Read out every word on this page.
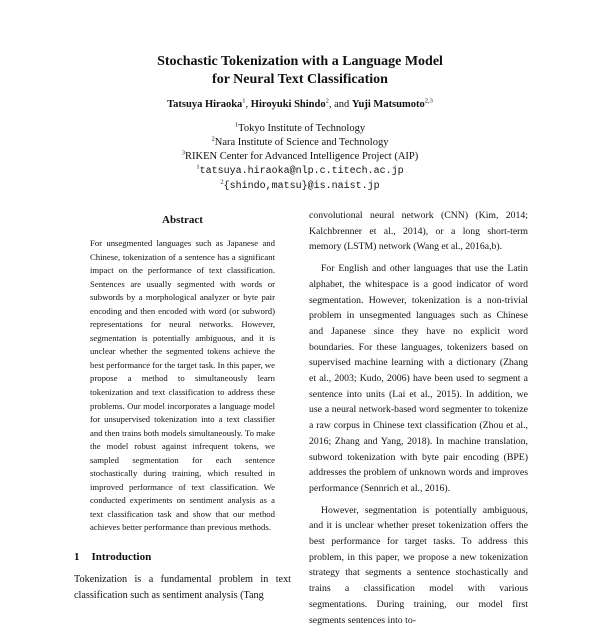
Stochastic Tokenization with a Language Model
for Neural Text Classification
Tatsuya Hiraoka$^1$, Hiroyuki Shindo$^2$, and Yuji Matsumoto$^{2,3}$
$^1$Tokyo Institute of Technology
$^2$Nara Institute of Science and Technology
$^3$RIKEN Center for Advanced Intelligence Project (AIP)
$^1$tatsuya.hiraoka@nlp.c.titech.ac.jp
$^2${shindo,matsu}@is.naist.jp
Abstract

For unsegmented languages such as Japanese and Chinese, tokenization of a sentence has a significant impact on the performance of text classification. Sentences are usually segmented with words or subwords by a morphological analyzer or byte pair encoding and then encoded with word (or subword) representations for neural networks. However, segmentation is potentially ambiguous, and it is unclear whether the segmented tokens achieve the best performance for the target task. In this paper, we propose a method to simultaneously learn tokenization and text classification to address these problems. Our model incorporates a language model for unsupervised tokenization into a text classifier and then trains both models simultaneously. To make the model robust against infrequent tokens, we sampled segmentation for each sentence stochastically during training, which resulted in improved performance of text classification. We conducted experiments on sentiment analysis as a text classification task and show that our method achieves better performance than previous methods.

1 Introduction

Tokenization is a fundamental problem in text classification such as sentiment analysis (Tang

convolutional neural network (CNN) (Kim, 2014; Kalchbrenner et al., 2014), or a long short-term memory (LSTM) network (Wang et al., 2016a,b).

For English and other languages that use the Latin alphabet, the whitespace is a good indicator of word segmentation. However, tokenization is a non-trivial problem in unsegmented languages such as Chinese and Japanese since they have no explicit word boundaries. For these languages, tokenizers based on supervised machine learning with a dictionary (Zhang et al., 2003; Kudo, 2006) have been used to segment a sentence into units (Lai et al., 2015). In addition, we use a neural network-based word segmenter to tokenize a raw corpus in Chinese text classification (Zhou et al., 2016; Zhang and Yang, 2018). In machine translation, subword tokenization with byte pair encoding (BPE) addresses the problem of unknown words and improves performance (Sennrich et al., 2016).

However, segmentation is potentially ambiguous, and it is unclear whether preset tokenization offers the best performance for target tasks. To address this problem, in this paper, we propose a new tokenization strategy that segments a sentence stochastically and trains a classification model with various segmentations. During training, our model first segments sentences into to-
